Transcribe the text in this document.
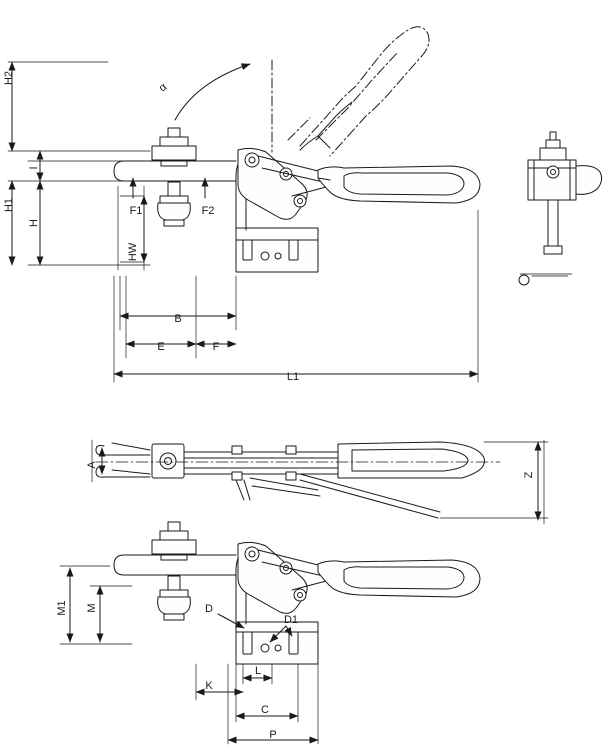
H2
H1
H
I
α
F1	F2
HW
B
E	F
L1
A
Z
M1 M	D
D1
L
K
C
P
